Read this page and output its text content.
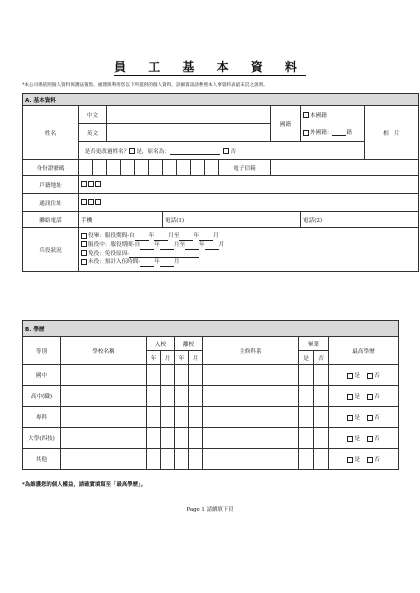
員 工 基 本 資 料
*本公司係依照個人資料保護法蒐集、處理與利用您以下所提供的個人資料，詳細資訊請參照本人事資料表最末頁之說明。
A. 基本資料														
姓名	中文											國籍	本國籍	相　片
	英文												外國籍： 籍	
	是否更改過姓名？ 是，原名為： 否													
身份證號碼											電子信箱			
戶籍地址														
通訊住址														
聯絡電話	手機						電話(1)						電話(2)	
兵役狀況	役畢：服役期間-自 年 月至 年 月
服役中：服役期間-自 年 月至 年 月
免役：免役原因-
未役：預計入伍時間- 年 月													
B. 學歷									
等別	學校名稱	入校		離校		主修科系	畢業		最高學歷
		年	月	年	月		是	否	
國中									是 否
高中(職)									是 否
專科									是 否
大學(四技)									是 否
其他									是 否
*為維護您的個人權益，請確實填寫至「最高學歷」。
Page 1 請續填下頁
